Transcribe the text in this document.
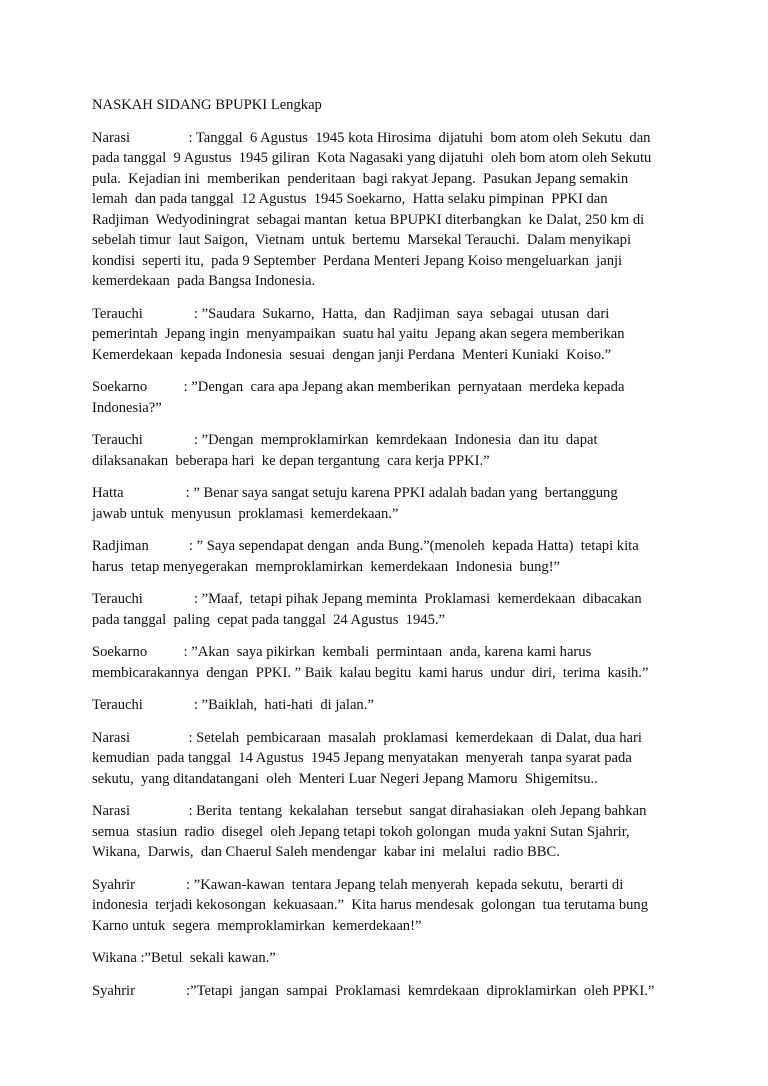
NASKAH SIDANG BPUPKI Lengkap

Narasi                : Tanggal  6 Agustus  1945 kota Hirosima  dijatuhi  bom atom oleh Sekutu  dan
pada tanggal  9 Agustus  1945 giliran  Kota Nagasaki yang dijatuhi  oleh bom atom oleh Sekutu
pula.  Kejadian ini  memberikan  penderitaan  bagi rakyat Jepang.  Pasukan Jepang semakin
lemah  dan pada tanggal  12 Agustus  1945 Soekarno,  Hatta selaku pimpinan  PPKI dan
Radjiman  Wedyodiningrat  sebagai mantan  ketua BPUPKI diterbangkan  ke Dalat, 250 km di
sebelah timur  laut Saigon,  Vietnam  untuk  bertemu  Marsekal Terauchi.  Dalam menyikapi
kondisi  seperti itu,  pada 9 September  Perdana Menteri Jepang Koiso mengeluarkan  janji
kemerdekaan  pada Bangsa Indonesia.
Terauchi              : ”Saudara  Sukarno,  Hatta,  dan  Radjiman  saya  sebagai  utusan  dari
pemerintah  Jepang ingin  menyampaikan  suatu hal yaitu  Jepang akan segera memberikan
Kemerdekaan  kepada Indonesia  sesuai  dengan janji Perdana  Menteri Kuniaki  Koiso.”
Soekarno          : ”Dengan  cara apa Jepang akan memberikan  pernyataan  merdeka kepada
Indonesia?”
Terauchi              : ”Dengan  memproklamirkan  kemrdekaan  Indonesia  dan itu  dapat
dilaksanakan  beberapa hari  ke depan tergantung  cara kerja PPKI.”
Hatta                 : ” Benar saya sangat setuju karena PPKI adalah badan yang  bertanggung
jawab untuk  menyusun  proklamasi  kemerdekaan.”
Radjiman           : ” Saya sependapat dengan  anda Bung.”(menoleh  kepada Hatta)  tetapi kita
harus  tetap menyegerakan  memproklamirkan  kemerdekaan  Indonesia  bung!”
Terauchi              : ”Maaf,  tetapi pihak Jepang meminta  Proklamasi  kemerdekaan  dibacakan
pada tanggal  paling  cepat pada tanggal  24 Agustus  1945.”
Soekarno          : ”Akan  saya pikirkan  kembali  permintaan  anda, karena kami harus
membicarakannya  dengan  PPKI. ” Baik  kalau begitu  kami harus  undur  diri,  terima  kasih.”
Terauchi              : ”Baiklah,  hati-hati  di jalan.”
Narasi                : Setelah  pembicaraan  masalah  proklamasi  kemerdekaan  di Dalat, dua hari
kemudian  pada tanggal  14 Agustus  1945 Jepang menyatakan  menyerah  tanpa syarat pada
sekutu,  yang ditandatangani  oleh  Menteri Luar Negeri Jepang Mamoru  Shigemitsu..
Narasi                : Berita  tentang  kekalahan  tersebut  sangat dirahasiakan  oleh Jepang bahkan
semua  stasiun  radio  disegel  oleh Jepang tetapi tokoh golongan  muda yakni Sutan Sjahrir,
Wikana,  Darwis,  dan Chaerul Saleh mendengar  kabar ini  melalui  radio BBC.
Syahrir              : ”Kawan-kawan  tentara Jepang telah menyerah  kepada sekutu,  berarti di
indonesia  terjadi kekosongan  kekuasaan.”  Kita harus mendesak  golongan  tua terutama bung
Karno untuk  segera  memproklamirkan  kemerdekaan!”
Wikana :”Betul  sekali kawan.”
Syahrir              :”Tetapi  jangan  sampai  Proklamasi  kemrdekaan  diproklamirkan  oleh PPKI.”
